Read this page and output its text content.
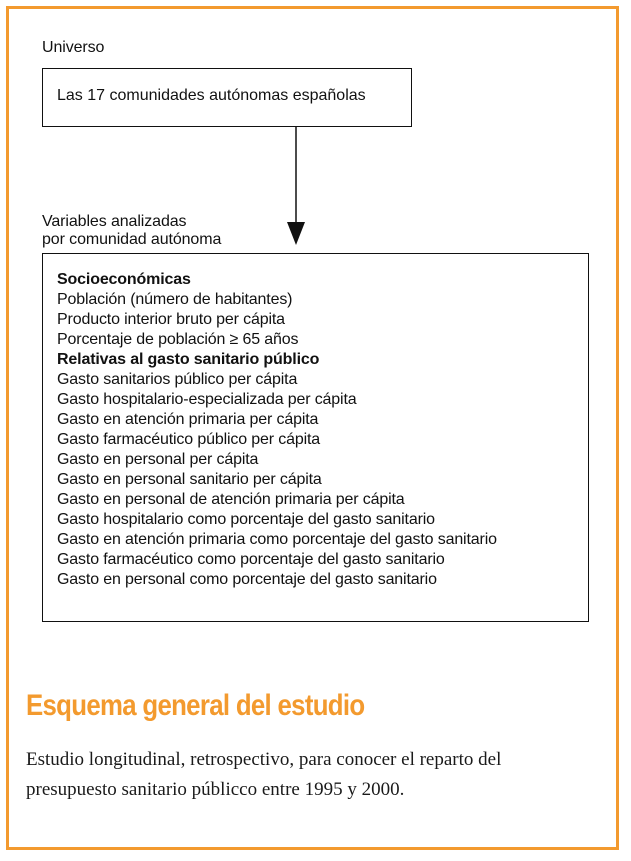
Universo
Las 17 comunidades autónomas españolas
Variables analizadas
por comunidad autónoma
Socioeconómicas
Población (número de habitantes)
Producto interior bruto per cápita
Porcentaje de población ≥ 65 años
Relativas al gasto sanitario público
Gasto sanitarios público per cápita
Gasto hospitalario-especializada per cápita
Gasto en atención primaria per cápita
Gasto farmacéutico público per cápita
Gasto en personal per cápita
Gasto en personal sanitario per cápita
Gasto en personal de atención primaria per cápita
Gasto hospitalario como porcentaje del gasto sanitario
Gasto en atención primaria como porcentaje del gasto sanitario
Gasto farmacéutico como porcentaje del gasto sanitario
Gasto en personal como porcentaje del gasto sanitario
Esquema general del estudio
Estudio longitudinal, retrospectivo, para conocer el reparto del presupuesto sanitario públicco entre 1995 y 2000.
